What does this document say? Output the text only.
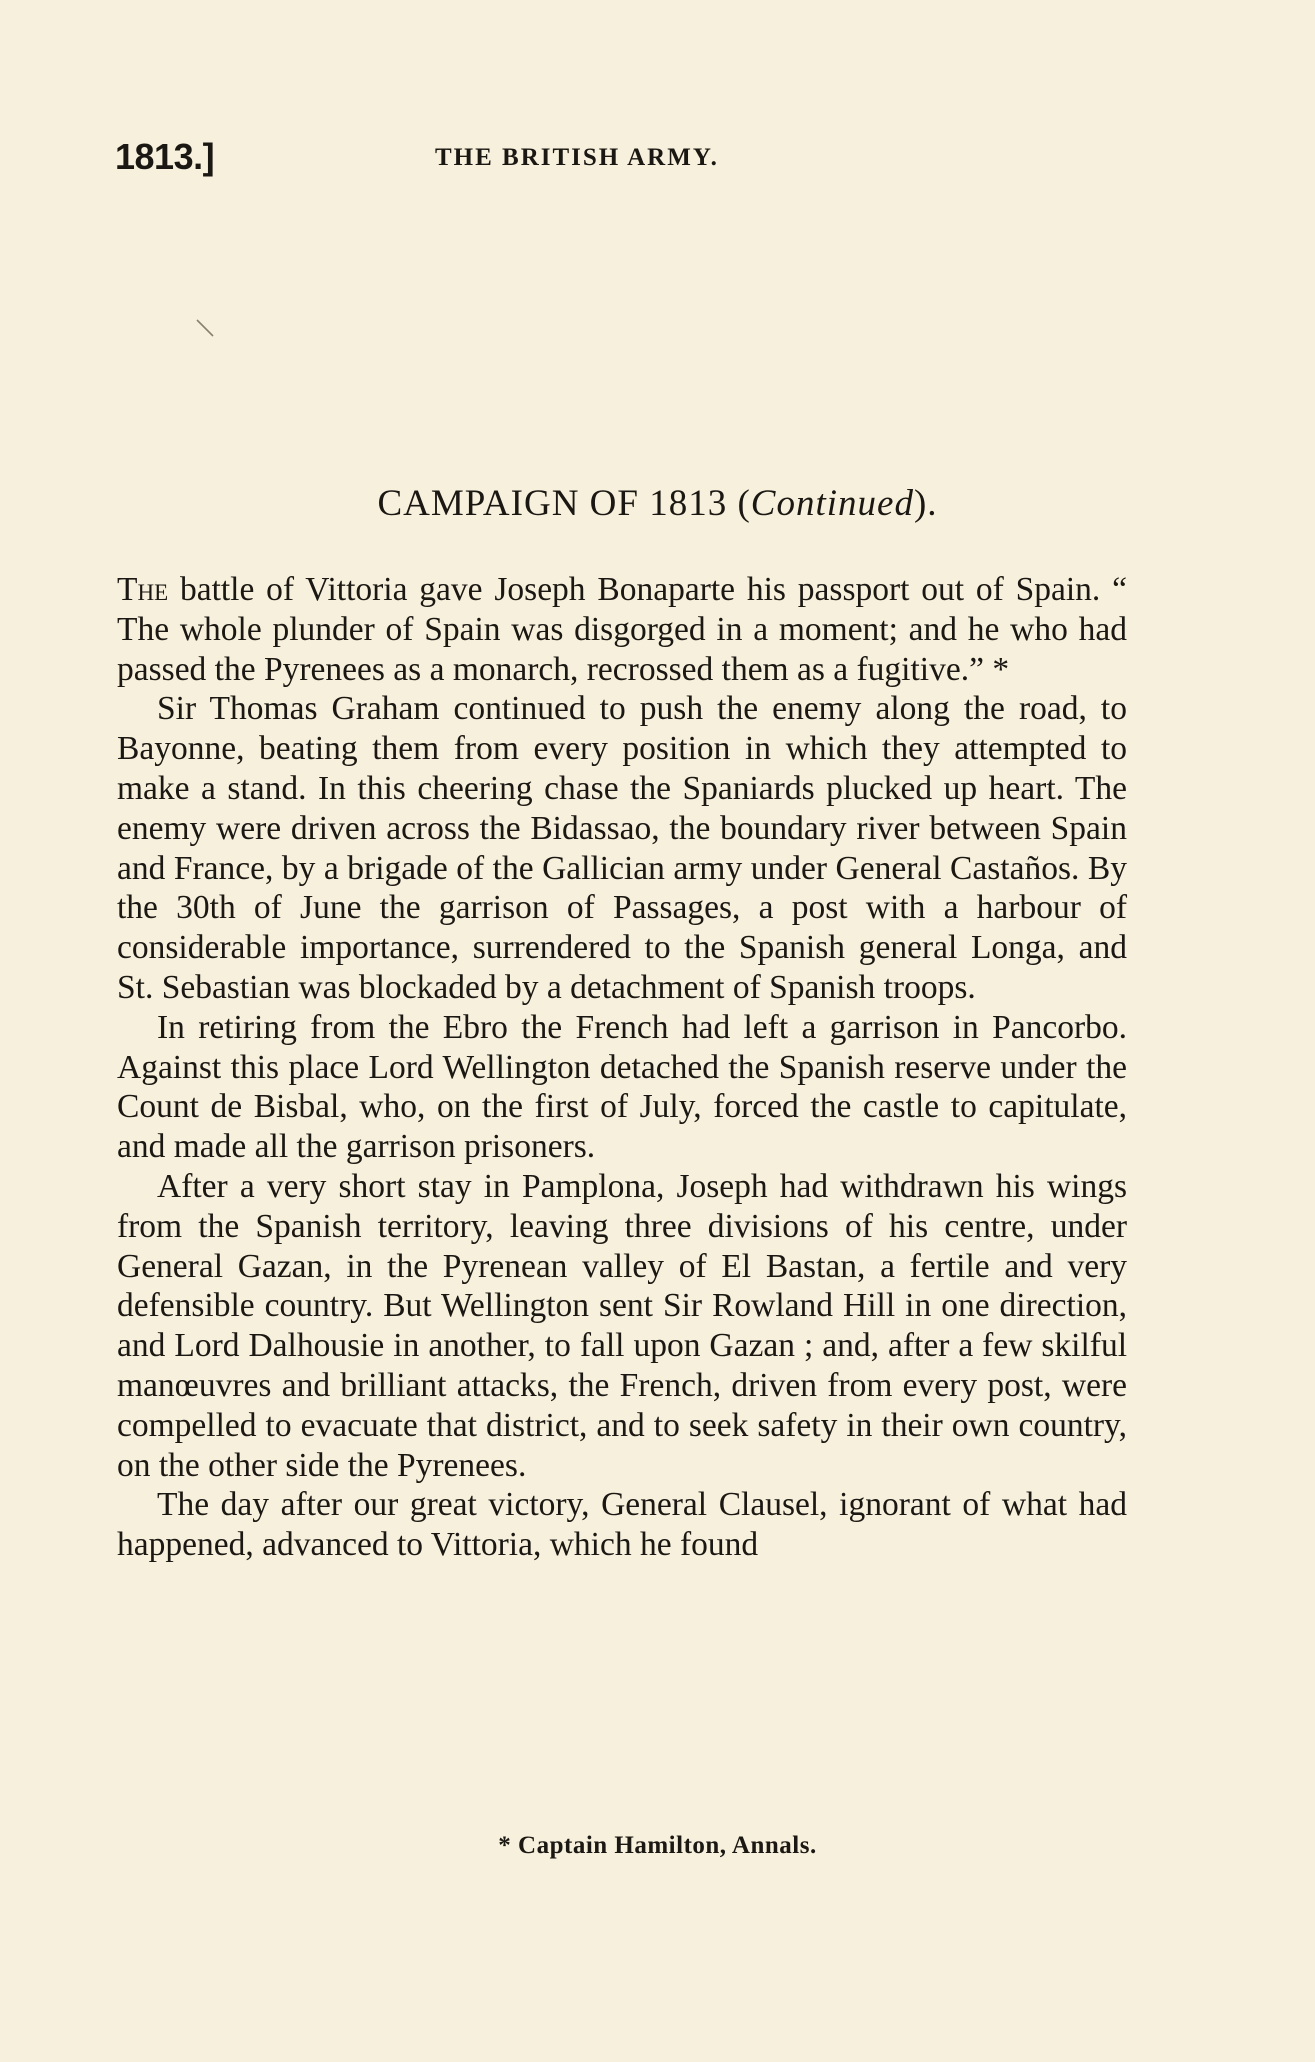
1813.]	THE BRITISH ARMY.
CAMPAIGN OF 1813 (Continued).

The battle of Vittoria gave Joseph Bonaparte his passport out of Spain. “ The whole plunder of Spain was disgorged in a moment; and he who had passed the Pyrenees as a monarch, recrossed them as a fugitive.” *

Sir Thomas Graham continued to push the enemy along the road, to Bayonne, beating them from every position in which they attempted to make a stand. In this cheering chase the Spaniards plucked up heart. The enemy were driven across the Bidassao, the boundary river between Spain and France, by a brigade of the Gallician army under General Castaños. By the 30th of June the garrison of Passages, a post with a harbour of considerable importance, surrendered to the Spanish general Longa, and St. Sebastian was blockaded by a detachment of Spanish troops.

In retiring from the Ebro the French had left a garrison in Pancorbo. Against this place Lord Wellington detached the Spanish reserve under the Count de Bisbal, who, on the first of July, forced the castle to capitulate, and made all the garrison prisoners.

After a very short stay in Pamplona, Joseph had withdrawn his wings from the Spanish territory, leaving three divisions of his centre, under General Gazan, in the Pyrenean valley of El Bastan, a fertile and very defensible country. But Wellington sent Sir Rowland Hill in one direction, and Lord Dalhousie in another, to fall upon Gazan ; and, after a few skilful manœuvres and brilliant attacks, the French, driven from every post, were compelled to evacuate that district, and to seek safety in their own country, on the other side the Pyrenees.

The day after our great victory, General Clausel, ignorant of what had happened, advanced to Vittoria, which he found

* Captain Hamilton, Annals.
